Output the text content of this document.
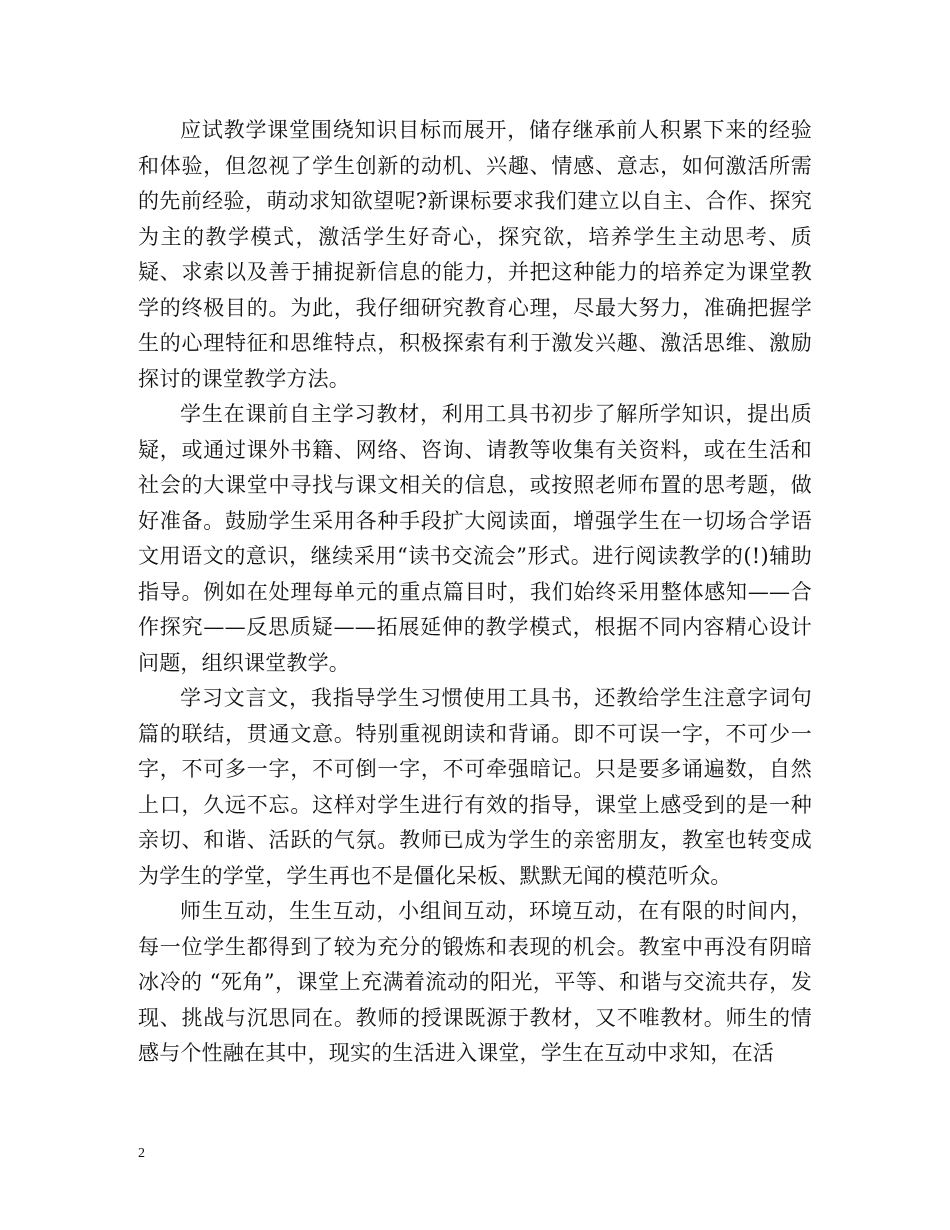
应试教学课堂围绕知识目标而展开，储存继承前人积累下来的经验和体验，但忽视了学生创新的动机、兴趣、情感、意志，如何激活所需的先前经验，萌动求知欲望呢?新课标要求我们建立以自主、合作、探究为主的教学模式，激活学生好奇心，探究欲，培养学生主动思考、质疑、求索以及善于捕捉新信息的能力，并把这种能力的培养定为课堂教学的终极目的。为此，我仔细研究教育心理，尽最大努力，准确把握学生的心理特征和思维特点，积极探索有利于激发兴趣、激活思维、激励探讨的课堂教学方法。

学生在课前自主学习教材，利用工具书初步了解所学知识，提出质疑，或通过课外书籍、网络、咨询、请教等收集有关资料，或在生活和社会的大课堂中寻找与课文相关的信息，或按照老师布置的思考题，做好准备。鼓励学生采用各种手段扩大阅读面，增强学生在一切场合学语文用语文的意识，继续采用“读书交流会”形式。进行阅读教学的(!)辅助指导。例如在处理每单元的重点篇目时，我们始终采用整体感知——合作探究——反思质疑——拓展延伸的教学模式，根据不同内容精心设计问题，组织课堂教学。

学习文言文，我指导学生习惯使用工具书，还教给学生注意字词句篇的联结，贯通文意。特别重视朗读和背诵。即不可误一字，不可少一字，不可多一字，不可倒一字，不可牵强暗记。只是要多诵遍数，自然上口，久远不忘。这样对学生进行有效的指导，课堂上感受到的是一种亲切、和谐、活跃的气氛。教师已成为学生的亲密朋友，教室也转变成为学生的学堂，学生再也不是僵化呆板、默默无闻的模范听众。

师生互动，生生互动，小组间互动，环境互动，在有限的时间内，每一位学生都得到了较为充分的锻炼和表现的机会。教室中再没有阴暗冰冷的 “死角”，课堂上充满着流动的阳光，平等、和谐与交流共存，发现、挑战与沉思同在。教师的授课既源于教材，又不唯教材。师生的情感与个性融在其中，现实的生活进入课堂，学生在互动中求知，在活

2
